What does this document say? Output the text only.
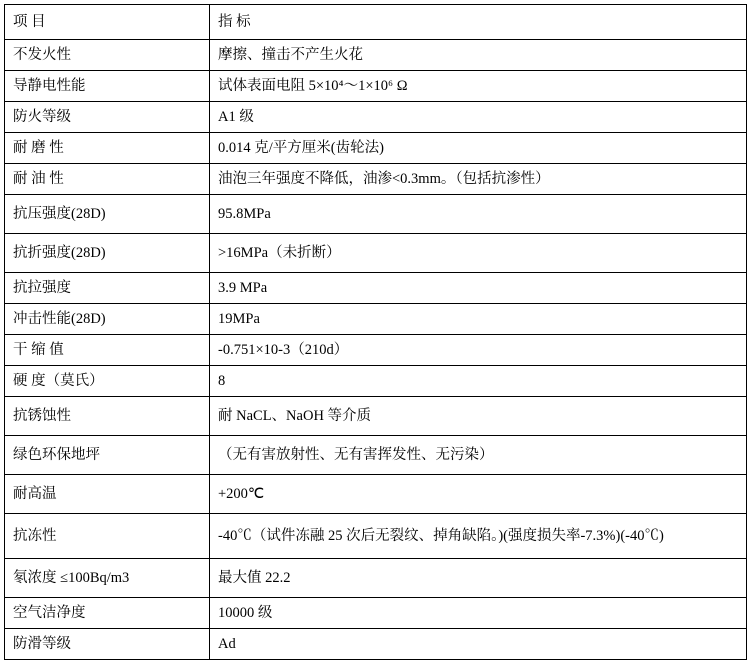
项 目	指 标
不发火性	摩擦、撞击不产生火花
导静电性能	试体表面电阻 5×10⁴～1×10⁶ Ω
防火等级	A1 级
耐 磨 性	0.014 克/平方厘米(齿轮法)
耐 油 性	油泡三年强度不降低，油渗<0.3mm。（包括抗渗性）
抗压强度(28D)	95.8MPa
抗折强度(28D)	>16MPa（未折断）
抗拉强度	3.9 MPa
冲击性能(28D)	19MPa
干 缩 值	-0.751×10-3（210d）
硬 度（莫氏）	8
抗锈蚀性	耐 NaCL、NaOH 等介质
绿色环保地坪	（无有害放射性、无有害挥发性、无污染）
耐高温	+200℃
抗冻性	-40℃（试件冻融 25 次后无裂纹、掉角缺陷。)(强度损失率-7.3%)(-40℃)
氡浓度 ≤100Bq/m3	最大值 22.2
空气洁净度	10000 级
防滑等级	Ad
